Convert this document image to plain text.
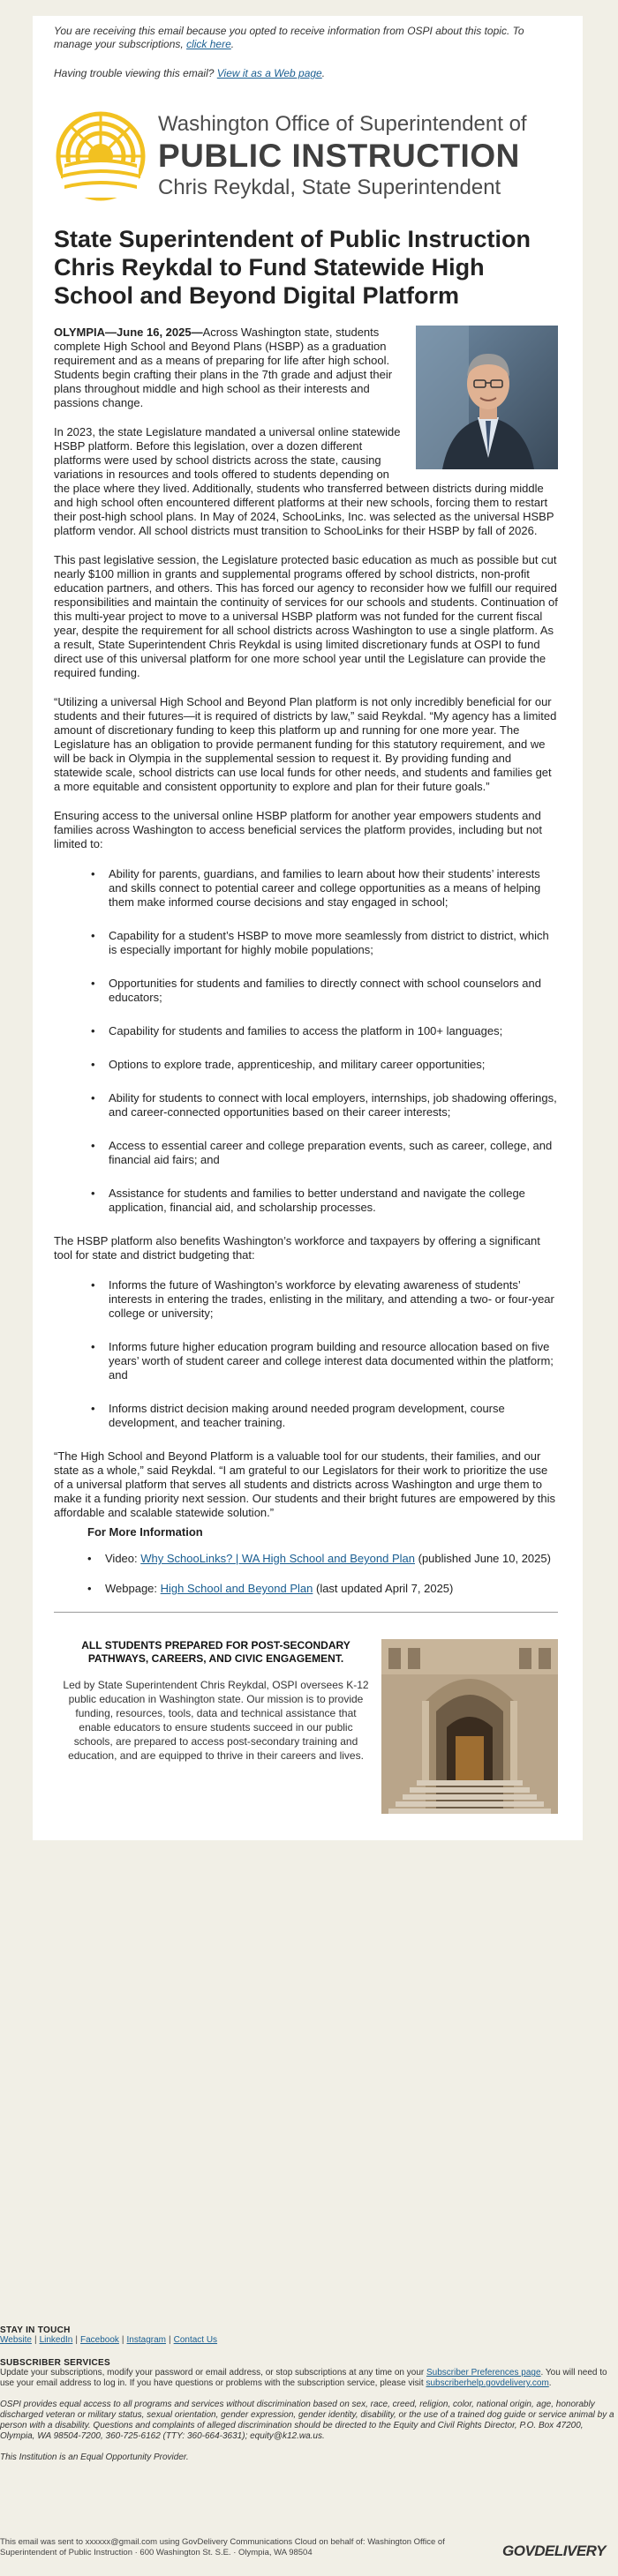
You are receiving this email because you opted to receive information from OSPI about this topic. To manage your subscriptions, click here.

Having trouble viewing this email? View it as a Web page.

Washington Office of Superintendent of
PUBLIC INSTRUCTION
Chris Reykdal, State Superintendent
State Superintendent of Public Instruction Chris Reykdal to Fund Statewide High School and Beyond Digital Platform

OLYMPIA—June 16, 2025—Across Washington state, students complete High School and Beyond Plans (HSBP) as a graduation requirement and as a means of preparing for life after high school. Students begin crafting their plans in the 7th grade and adjust their plans throughout middle and high school as their interests and passions change.

In 2023, the state Legislature mandated a universal online statewide HSBP platform. Before this legislation, over a dozen different platforms were used by school districts across the state, causing variations in resources and tools offered to students depending on the place where they lived. Additionally, students who transferred between districts during middle and high school often encountered different platforms at their new schools, forcing them to restart their post-high school plans. In May of 2024, SchooLinks, Inc. was selected as the universal HSBP platform vendor. All school districts must transition to SchooLinks for their HSBP by fall of 2026.

This past legislative session, the Legislature protected basic education as much as possible but cut nearly $100 million in grants and supplemental programs offered by school districts, non-profit education partners, and others. This has forced our agency to reconsider how we fulfill our required responsibilities and maintain the continuity of services for our schools and students. Continuation of this multi-year project to move to a universal HSBP platform was not funded for the current fiscal year, despite the requirement for all school districts across Washington to use a single platform. As a result, State Superintendent Chris Reykdal is using limited discretionary funds at OSPI to fund direct use of this universal platform for one more school year until the Legislature can provide the required funding.

“Utilizing a universal High School and Beyond Plan platform is not only incredibly beneficial for our students and their futures—it is required of districts by law,” said Reykdal. “My agency has a limited amount of discretionary funding to keep this platform up and running for one more year. The Legislature has an obligation to provide permanent funding for this statutory requirement, and we will be back in Olympia in the supplemental session to request it. By providing funding and statewide scale, school districts can use local funds for other needs, and students and families get a more equitable and consistent opportunity to explore and plan for their future goals.”

Ensuring access to the universal online HSBP platform for another year empowers students and families across Washington to access beneficial services the platform provides, including but not limited to:

• Ability for parents, guardians, and families to learn about how their students’ interests and skills connect to potential career and college opportunities as a means of helping them make informed course decisions and stay engaged in school;
• Capability for a student’s HSBP to move more seamlessly from district to district, which is especially important for highly mobile populations;
• Opportunities for students and families to directly connect with school counselors and educators;
• Capability for students and families to access the platform in 100+ languages;
• Options to explore trade, apprenticeship, and military career opportunities;
• Ability for students to connect with local employers, internships, job shadowing offerings, and career-connected opportunities based on their career interests;
• Access to essential career and college preparation events, such as career, college, and financial aid fairs; and
• Assistance for students and families to better understand and navigate the college application, financial aid, and scholarship processes.

The HSBP platform also benefits Washington’s workforce and taxpayers by offering a significant tool for state and district budgeting that:

• Informs the future of Washington’s workforce by elevating awareness of students’ interests in entering the trades, enlisting in the military, and attending a two- or four-year college or university;
• Informs future higher education program building and resource allocation based on five years’ worth of student career and college interest data documented within the platform; and
• Informs district decision making around needed program development, course development, and teacher training.

“The High School and Beyond Platform is a valuable tool for our students, their families, and our state as a whole,” said Reykdal. “I am grateful to our Legislators for their work to prioritize the use of a universal platform that serves all students and districts across Washington and urge them to make it a funding priority next session. Our students and their bright futures are empowered by this affordable and scalable statewide solution.”

For More Information
• Video: Why SchooLinks? | WA High School and Beyond Plan (published June 10, 2025)
• Webpage: High School and Beyond Plan (last updated April 7, 2025)
ALL STUDENTS PREPARED FOR POST-SECONDARY PATHWAYS, CAREERS, AND CIVIC ENGAGEMENT.
Led by State Superintendent Chris Reykdal, OSPI oversees K-12 public education in Washington state. Our mission is to provide funding, resources, tools, data and technical assistance that enable educators to ensure students succeed in our public schools, are prepared to access post-secondary training and education, and are equipped to thrive in their careers and lives.
STAY IN TOUCH
Website | LinkedIn | Facebook | Instagram | Contact Us
SUBSCRIBER SERVICES
Update your subscriptions, modify your password or email address, or stop subscriptions at any time on your Subscriber Preferences page. You will need to use your email address to log in. If you have questions or problems with the subscription service, please visit subscriberhelp.govdelivery.com.
OSPI provides equal access to all programs and services without discrimination based on sex, race, creed, religion, color, national origin, age, honorably discharged veteran or military status, sexual orientation, gender expression, gender identity, disability, or the use of a trained dog guide or service animal by a person with a disability. Questions and complaints of alleged discrimination should be directed to the Equity and Civil Rights Director, P.O. Box 47200, Olympia, WA 98504-7200, 360-725-6162 (TTY: 360-664-3631); equity@k12.wa.us.
This Institution is an Equal Opportunity Provider.
This email was sent to xxxxxx@gmail.com using GovDelivery Communications Cloud on behalf of: Washington Office of Superintendent of Public Instruction · 600 Washington St. S.E. · Olympia, WA 98504	GOVDELIVERY
